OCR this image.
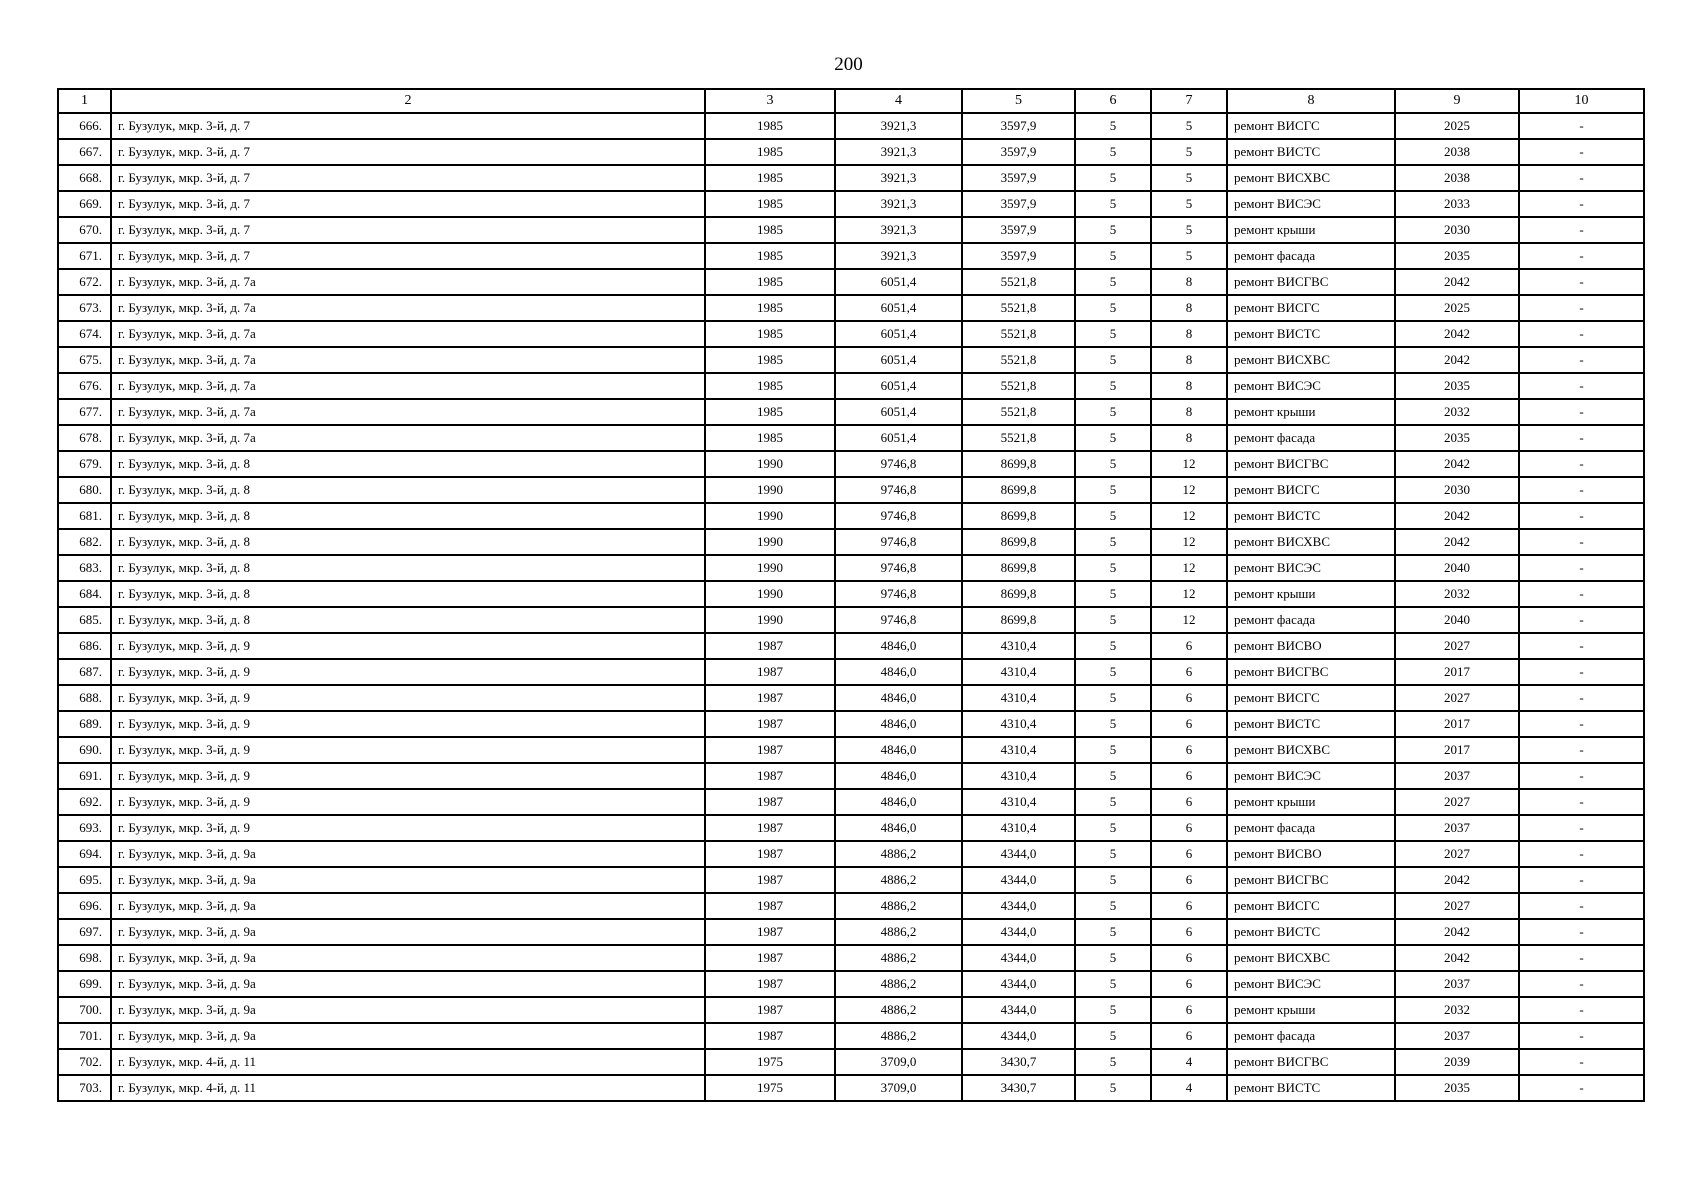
200
1	2	3	4	5	6	7	8	9	10
666.	г. Бузулук, мкр. 3-й, д. 7	1985	3921,3	3597,9	5	5	ремонт ВИСГС	2025	-
667.	г. Бузулук, мкр. 3-й, д. 7	1985	3921,3	3597,9	5	5	ремонт ВИСТС	2038	-
668.	г. Бузулук, мкр. 3-й, д. 7	1985	3921,3	3597,9	5	5	ремонт ВИСХВС	2038	-
669.	г. Бузулук, мкр. 3-й, д. 7	1985	3921,3	3597,9	5	5	ремонт ВИСЭС	2033	-
670.	г. Бузулук, мкр. 3-й, д. 7	1985	3921,3	3597,9	5	5	ремонт крыши	2030	-
671.	г. Бузулук, мкр. 3-й, д. 7	1985	3921,3	3597,9	5	5	ремонт фасада	2035	-
672.	г. Бузулук, мкр. 3-й, д. 7а	1985	6051,4	5521,8	5	8	ремонт ВИСГВС	2042	-
673.	г. Бузулук, мкр. 3-й, д. 7а	1985	6051,4	5521,8	5	8	ремонт ВИСГС	2025	-
674.	г. Бузулук, мкр. 3-й, д. 7а	1985	6051,4	5521,8	5	8	ремонт ВИСТС	2042	-
675.	г. Бузулук, мкр. 3-й, д. 7а	1985	6051,4	5521,8	5	8	ремонт ВИСХВС	2042	-
676.	г. Бузулук, мкр. 3-й, д. 7а	1985	6051,4	5521,8	5	8	ремонт ВИСЭС	2035	-
677.	г. Бузулук, мкр. 3-й, д. 7а	1985	6051,4	5521,8	5	8	ремонт крыши	2032	-
678.	г. Бузулук, мкр. 3-й, д. 7а	1985	6051,4	5521,8	5	8	ремонт фасада	2035	-
679.	г. Бузулук, мкр. 3-й, д. 8	1990	9746,8	8699,8	5	12	ремонт ВИСГВС	2042	-
680.	г. Бузулук, мкр. 3-й, д. 8	1990	9746,8	8699,8	5	12	ремонт ВИСГС	2030	-
681.	г. Бузулук, мкр. 3-й, д. 8	1990	9746,8	8699,8	5	12	ремонт ВИСТС	2042	-
682.	г. Бузулук, мкр. 3-й, д. 8	1990	9746,8	8699,8	5	12	ремонт ВИСХВС	2042	-
683.	г. Бузулук, мкр. 3-й, д. 8	1990	9746,8	8699,8	5	12	ремонт ВИСЭС	2040	-
684.	г. Бузулук, мкр. 3-й, д. 8	1990	9746,8	8699,8	5	12	ремонт крыши	2032	-
685.	г. Бузулук, мкр. 3-й, д. 8	1990	9746,8	8699,8	5	12	ремонт фасада	2040	-
686.	г. Бузулук, мкр. 3-й, д. 9	1987	4846,0	4310,4	5	6	ремонт ВИСВО	2027	-
687.	г. Бузулук, мкр. 3-й, д. 9	1987	4846,0	4310,4	5	6	ремонт ВИСГВС	2017	-
688.	г. Бузулук, мкр. 3-й, д. 9	1987	4846,0	4310,4	5	6	ремонт ВИСГС	2027	-
689.	г. Бузулук, мкр. 3-й, д. 9	1987	4846,0	4310,4	5	6	ремонт ВИСТС	2017	-
690.	г. Бузулук, мкр. 3-й, д. 9	1987	4846,0	4310,4	5	6	ремонт ВИСХВС	2017	-
691.	г. Бузулук, мкр. 3-й, д. 9	1987	4846,0	4310,4	5	6	ремонт ВИСЭС	2037	-
692.	г. Бузулук, мкр. 3-й, д. 9	1987	4846,0	4310,4	5	6	ремонт крыши	2027	-
693.	г. Бузулук, мкр. 3-й, д. 9	1987	4846,0	4310,4	5	6	ремонт фасада	2037	-
694.	г. Бузулук, мкр. 3-й, д. 9а	1987	4886,2	4344,0	5	6	ремонт ВИСВО	2027	-
695.	г. Бузулук, мкр. 3-й, д. 9а	1987	4886,2	4344,0	5	6	ремонт ВИСГВС	2042	-
696.	г. Бузулук, мкр. 3-й, д. 9а	1987	4886,2	4344,0	5	6	ремонт ВИСГС	2027	-
697.	г. Бузулук, мкр. 3-й, д. 9а	1987	4886,2	4344,0	5	6	ремонт ВИСТС	2042	-
698.	г. Бузулук, мкр. 3-й, д. 9а	1987	4886,2	4344,0	5	6	ремонт ВИСХВС	2042	-
699.	г. Бузулук, мкр. 3-й, д. 9а	1987	4886,2	4344,0	5	6	ремонт ВИСЭС	2037	-
700.	г. Бузулук, мкр. 3-й, д. 9а	1987	4886,2	4344,0	5	6	ремонт крыши	2032	-
701.	г. Бузулук, мкр. 3-й, д. 9а	1987	4886,2	4344,0	5	6	ремонт фасада	2037	-
702.	г. Бузулук, мкр. 4-й, д. 11	1975	3709,0	3430,7	5	4	ремонт ВИСГВС	2039	-
703.	г. Бузулук, мкр. 4-й, д. 11	1975	3709,0	3430,7	5	4	ремонт ВИСТС	2035	-
